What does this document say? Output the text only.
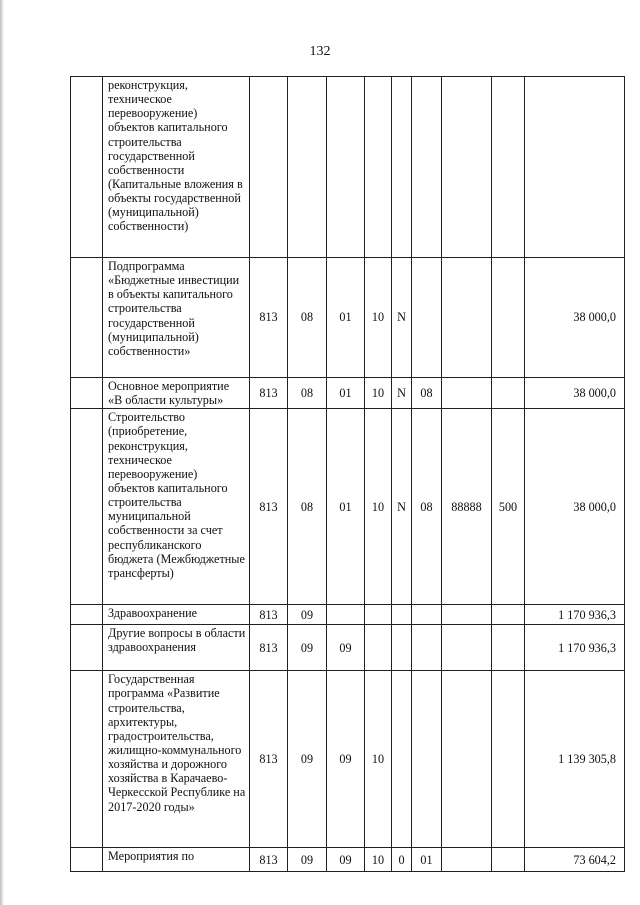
132
	реконструкция, техническое перевооружение) объектов капитального строительства государственной собственности (Капитальные вложения в объекты государственной (муниципальной) собственности)									
	Подпрограмма «Бюджетные инвестиции в объекты капитального строительства государственной (муниципальной) собственности»	813	08	01	10	N				38 000,0
	Основное мероприятие «В области культуры»	813	08	01	10	N	08			38 000,0
	Строительство (приобретение, реконструкция, техническое перевооружение) объектов капитального строительства муниципальной собственности за счет республиканского бюджета (Межбюджетные трансферты)	813	08	01	10	N	08	88888	500	38 000,0
	Здравоохранение	813	09							1 170 936,3
	Другие вопросы в области здравоохранения	813	09	09						1 170 936,3
	Государственная программа «Развитие строительства, архитектуры, градостроительства, жилищно-коммунального хозяйства и дорожного хозяйства в Карачаево-Черкесской Республике на 2017-2020 годы»	813	09	09	10					1 139 305,8
	Мероприятия по	813	09	09	10	0	01			73 604,2
